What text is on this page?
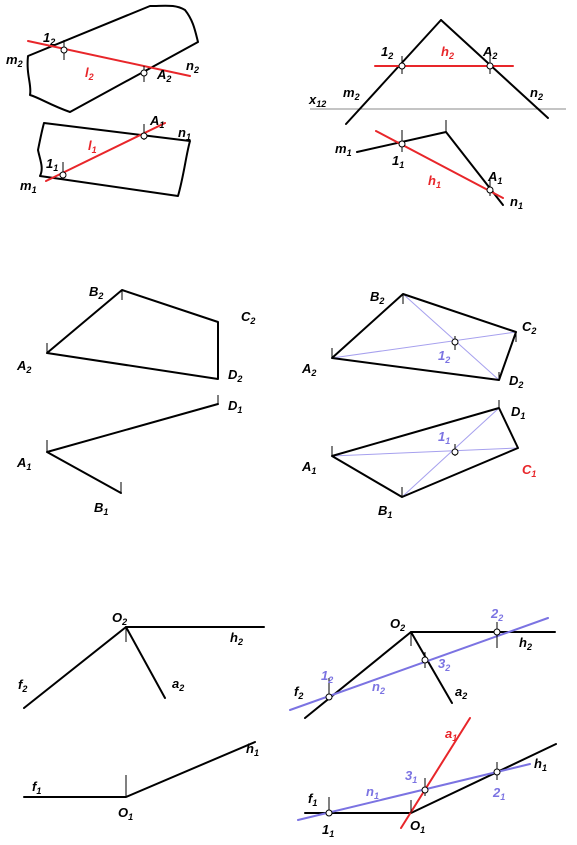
$1_2$
$m_2$
$l_2$	$A_2$
$n_2$
$A_1$ $n_1$
$l_1$
$1_1$
$m_1$
$1_2$	$h_2$ $A_2$
$x_{12}$
$m_2$	$n_2$
$m_1$	$1_1$
$h_1$
$A_1$
$n_1$
$B_2$
$C_2$
$A_2$	$D_2$
$D_1$
$A_1$
$B_1$
$B_2$
$C_2$
$1_2$
$A_2$	$D_2$
$D_1$
$1_1$
$A_1$	$C_1$
$B_1$
$O_2$
$h_2$
$f_2$	$a_2$
$h_1$
$f_1$
$O_1$
$O_2$
$2_2$
$h_2$
$1_2$
$3_2$
$f_2$
$n_2$	$a_2$
$a_1$
$h_1$
$3_1$
$f_1$
$n_1$	$2_1$
$1_1$
$O_1$
